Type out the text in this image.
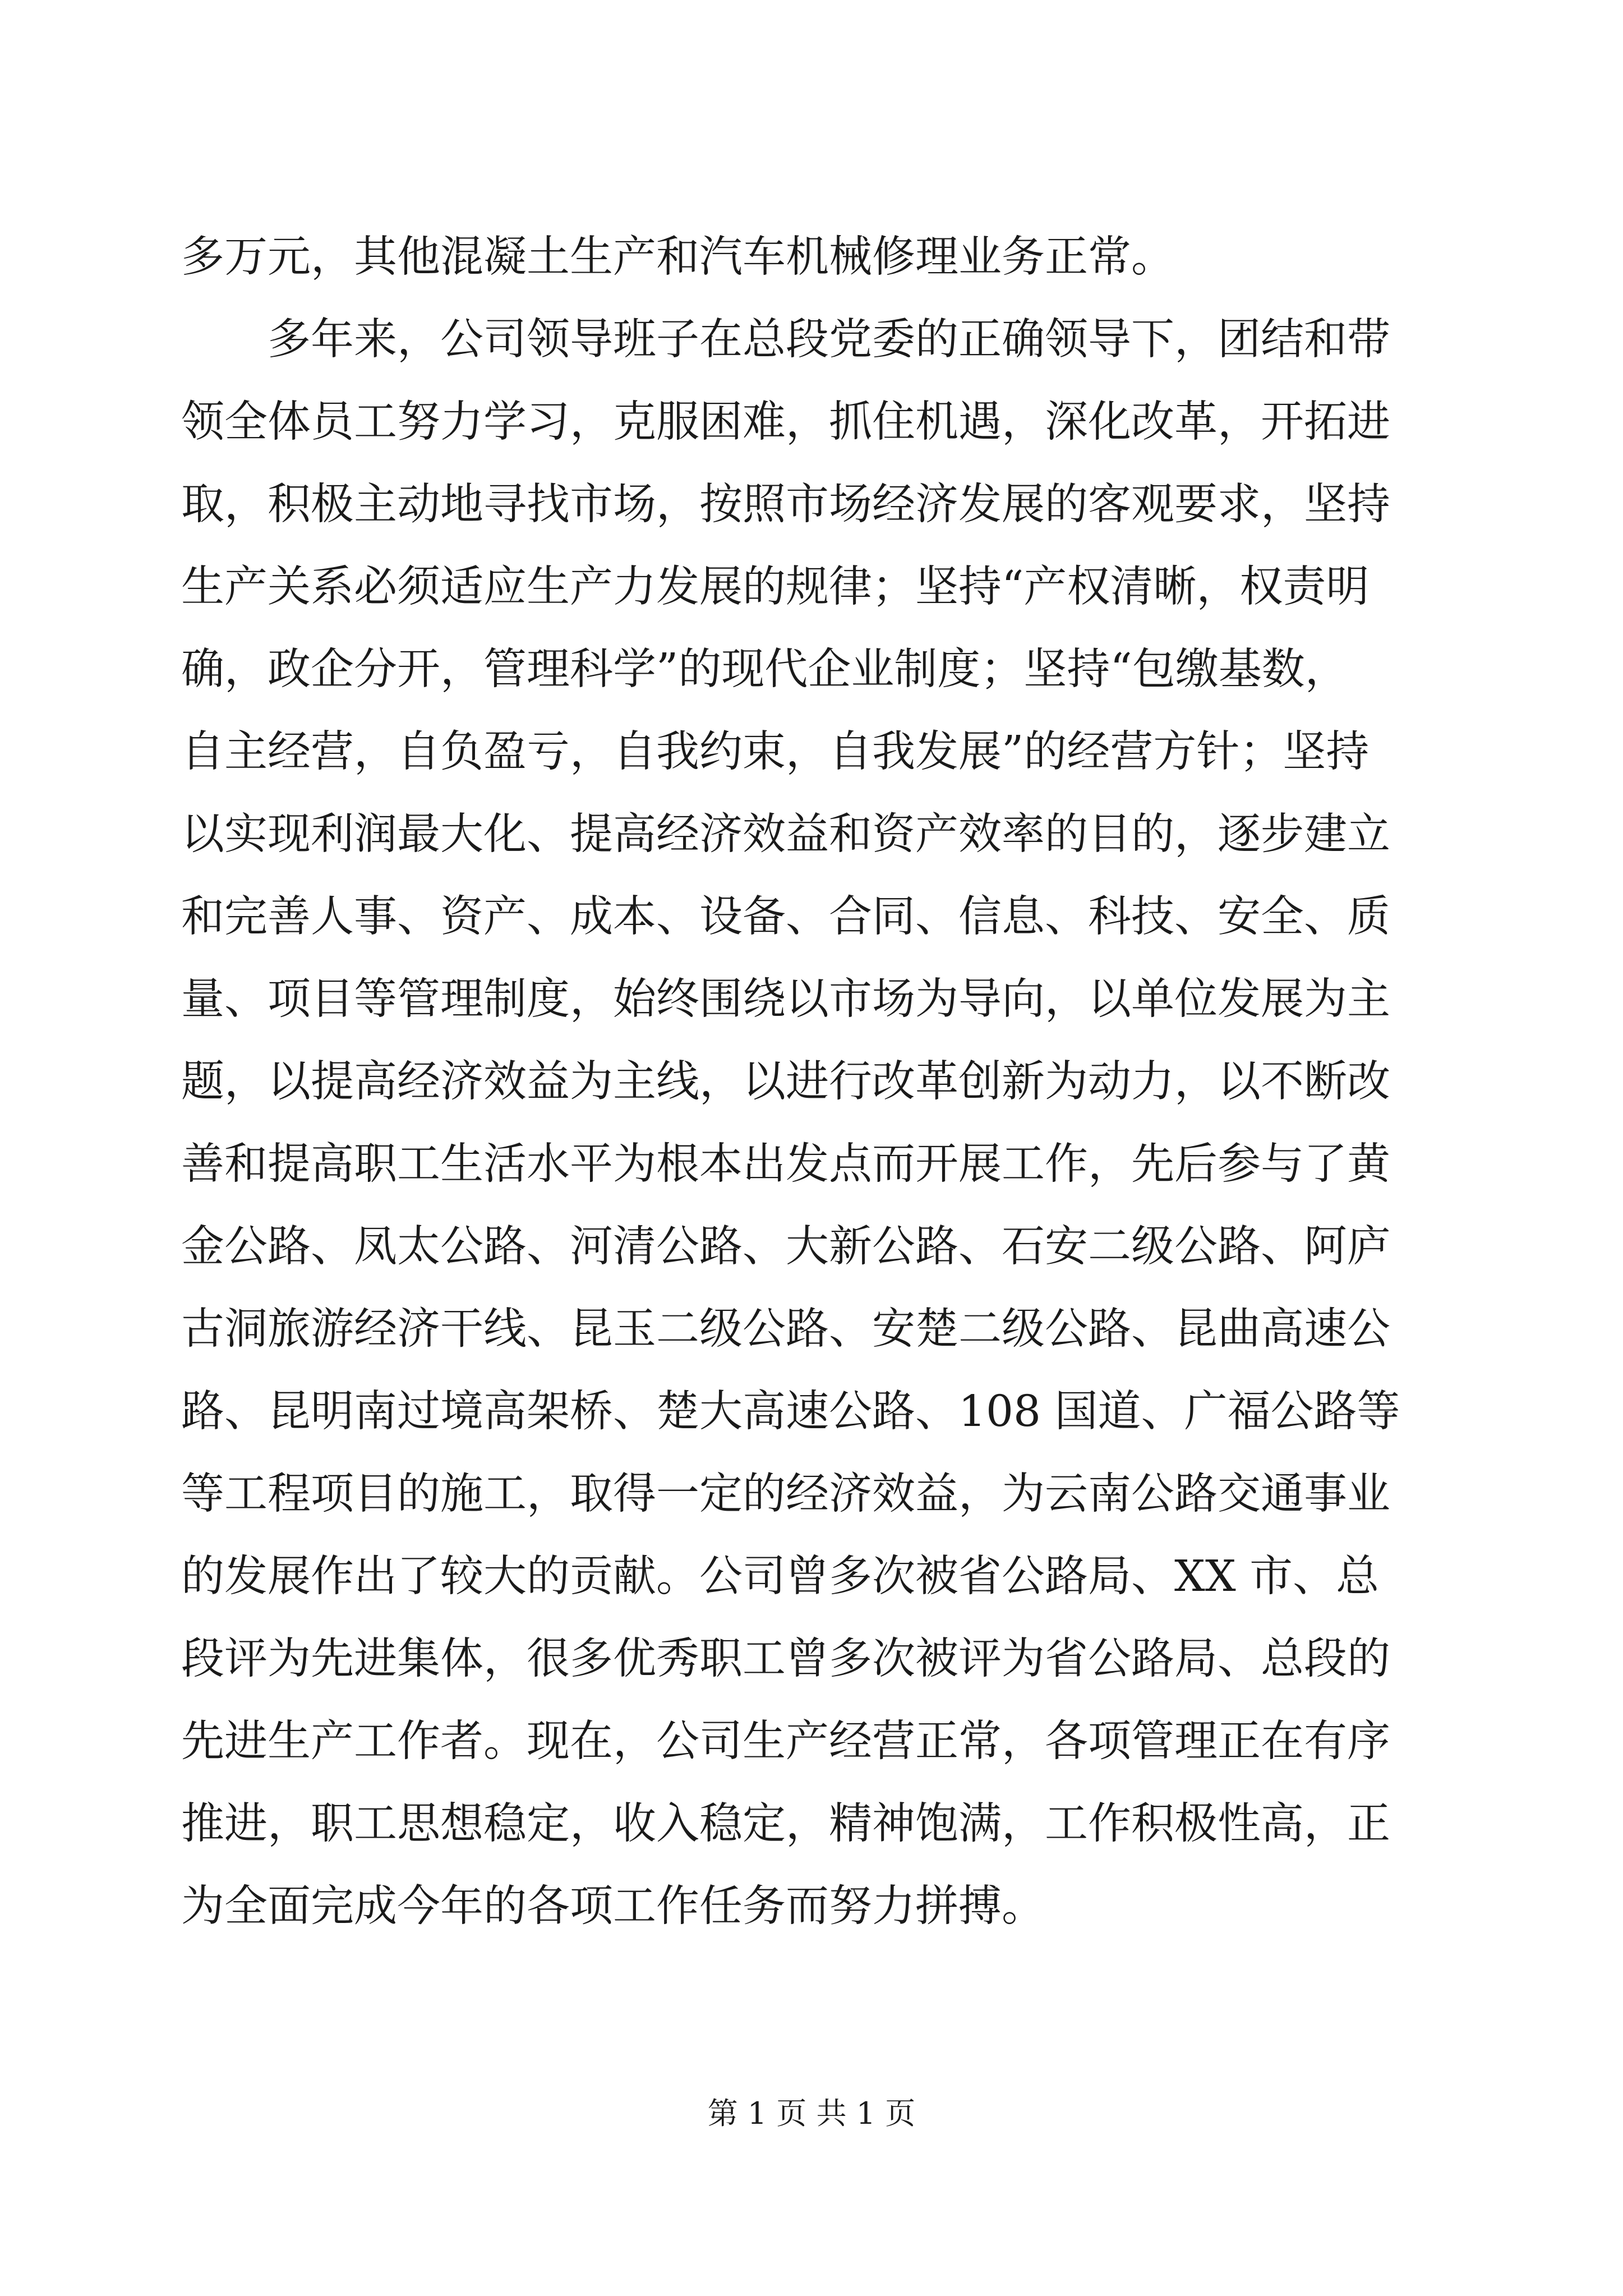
多万元，其他混凝土生产和汽车机械修理业务正常。
多年来，公司领导班子在总段党委的正确领导下，团结和带
领全体员工努力学习，克服困难，抓住机遇，深化改革，开拓进
取，积极主动地寻找市场，按照市场经济发展的客观要求，坚持
生产关系必须适应生产力发展的规律；坚持“产权清晰，权责明
确，政企分开，管理科学”的现代企业制度；坚持“包缴基数，
自主经营，自负盈亏，自我约束，自我发展”的经营方针；坚持
以实现利润最大化、提高经济效益和资产效率的目的，逐步建立
和完善人事、资产、成本、设备、合同、信息、科技、安全、质
量、项目等管理制度，始终围绕以市场为导向，以单位发展为主
题，以提高经济效益为主线，以进行改革创新为动力，以不断改
善和提高职工生活水平为根本出发点而开展工作，先后参与了黄
金公路、凤太公路、河清公路、大新公路、石安二级公路、阿庐
古洞旅游经济干线、昆玉二级公路、安楚二级公路、昆曲高速公
路、昆明南过境高架桥、楚大高速公路、108 国道、广福公路等
等工程项目的施工，取得一定的经济效益，为云南公路交通事业
的发展作出了较大的贡献。公司曾多次被省公路局、XX 市、总
段评为先进集体，很多优秀职工曾多次被评为省公路局、总段的
先进生产工作者。现在，公司生产经营正常，各项管理正在有序
推进，职工思想稳定，收入稳定，精神饱满，工作积极性高，正
为全面完成今年的各项工作任务而努力拼搏。
第 1 页 共 1 页
